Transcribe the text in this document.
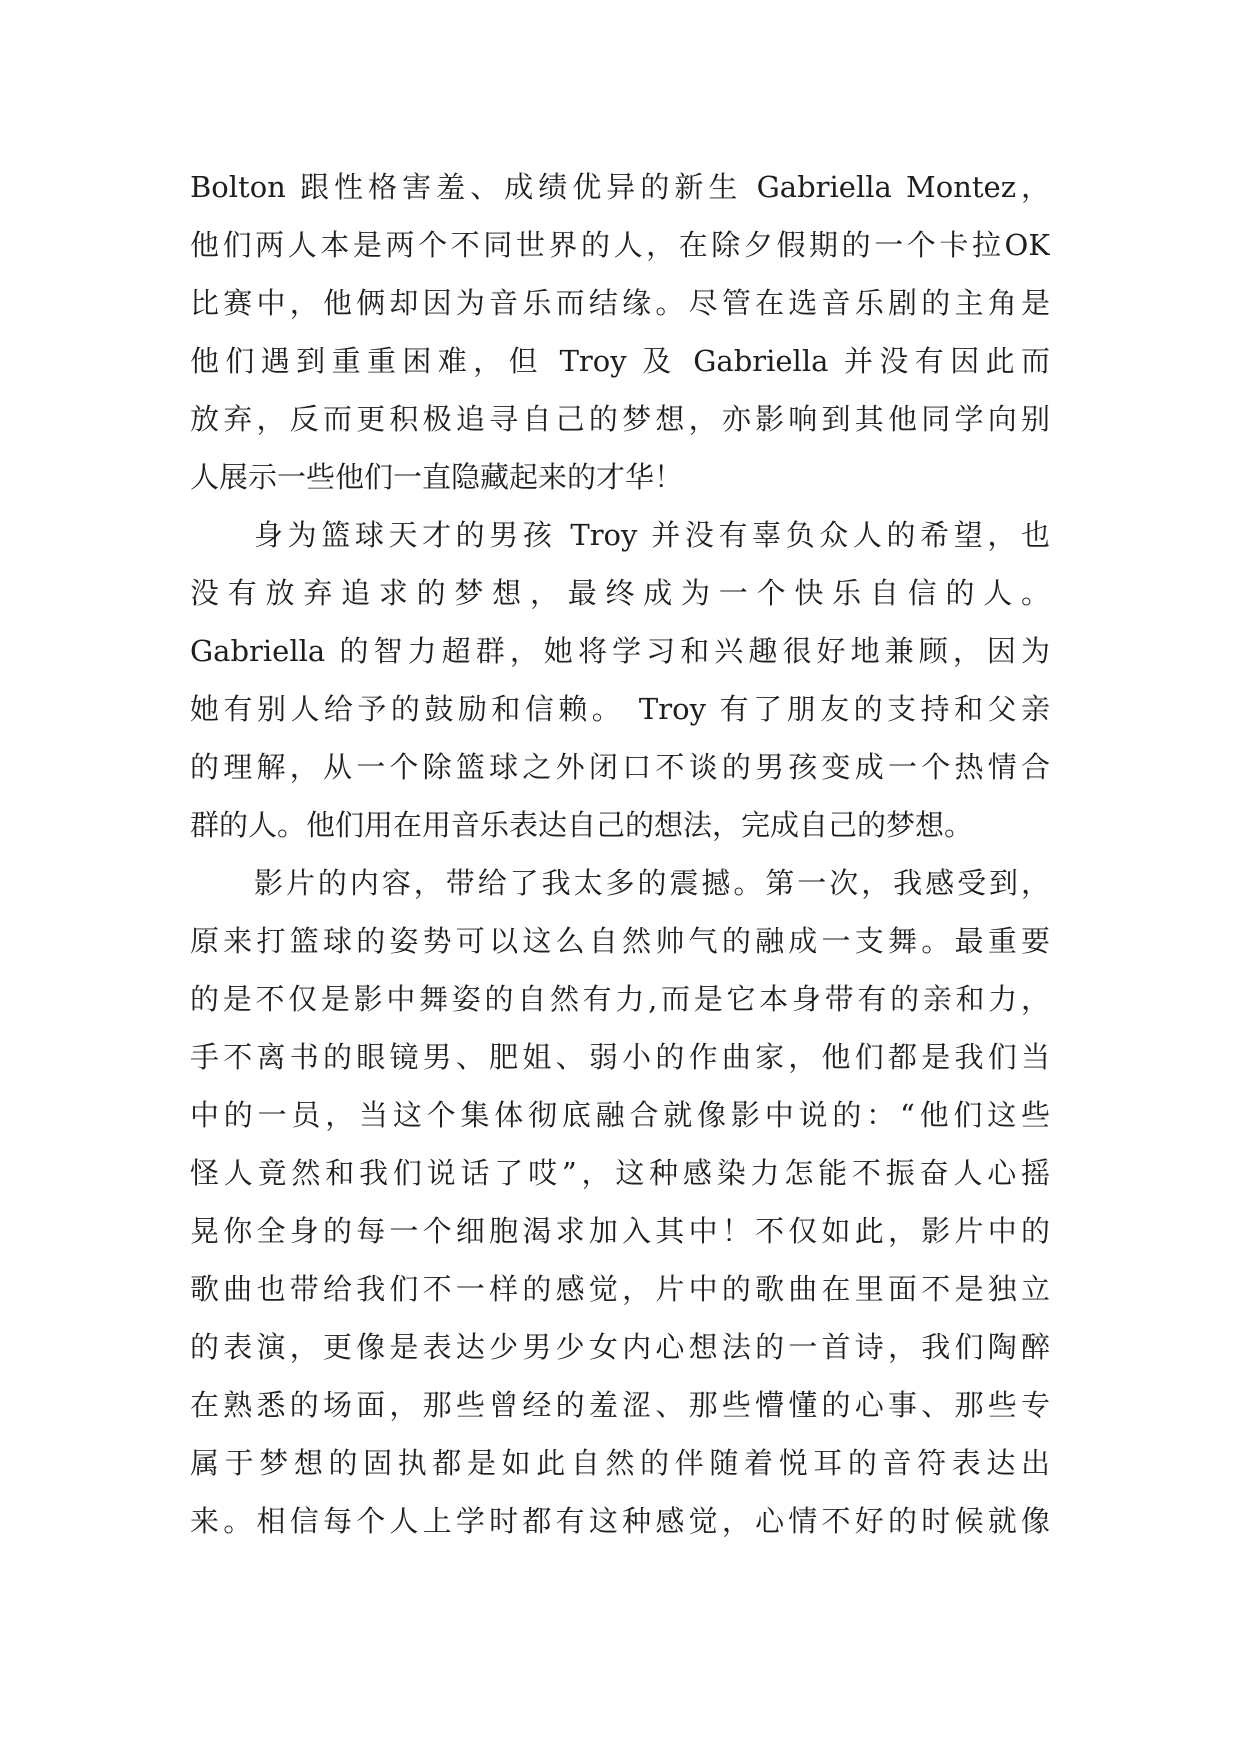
Bolton 跟性格害羞、成绩优异的新生 Gabriella Montez，
他们两人本是两个不同世界的人，在除夕假期的一个卡拉OK
比赛中，他俩却因为音乐而结缘。尽管在选音乐剧的主角是
他们遇到重重困难，但 Troy 及 Gabriella 并没有因此而
放弃，反而更积极追寻自己的梦想，亦影响到其他同学向别
人展示一些他们一直隐藏起来的才华！
身为篮球天才的男孩 Troy 并没有辜负众人的希望，也
没有放弃追求的梦想，最终成为一个快乐自信的人。
Gabriella 的智力超群，她将学习和兴趣很好地兼顾，因为
她有别人给予的鼓励和信赖。 Troy 有了朋友的支持和父亲
的理解，从一个除篮球之外闭口不谈的男孩变成一个热情合
群的人。他们用在用音乐表达自己的想法，完成自己的梦想。
影片的内容，带给了我太多的震撼。第一次，我感受到，
原来打篮球的姿势可以这么自然帅气的融成一支舞。最重要
的是不仅是影中舞姿的自然有力,而是它本身带有的亲和力，
手不离书的眼镜男、肥姐、弱小的作曲家，他们都是我们当
中的一员，当这个集体彻底融合就像影中说的：“他们这些
怪人竟然和我们说话了哎”，这种感染力怎能不振奋人心摇
晃你全身的每一个细胞渴求加入其中！不仅如此，影片中的
歌曲也带给我们不一样的感觉，片中的歌曲在里面不是独立
的表演，更像是表达少男少女内心想法的一首诗，我们陶醉
在熟悉的场面，那些曾经的羞涩、那些懵懂的心事、那些专
属于梦想的固执都是如此自然的伴随着悦耳的音符表达出
来。相信每个人上学时都有这种感觉，心情不好的时候就像
